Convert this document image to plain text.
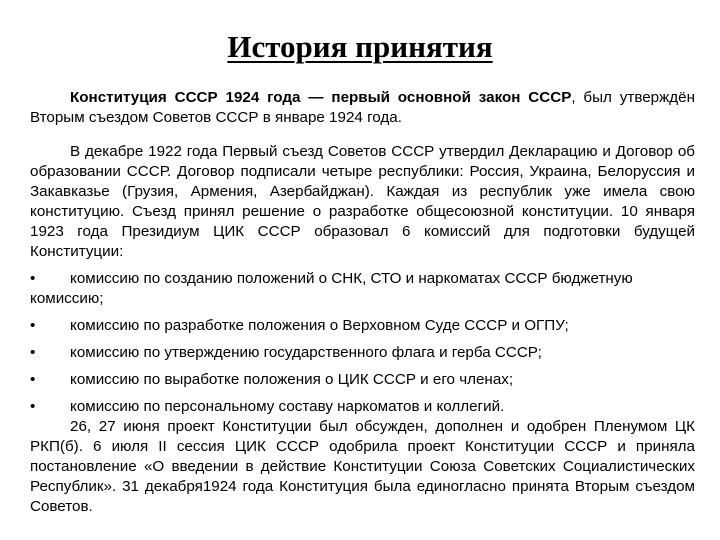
История принятия

Конституция СССР 1924 года — первый основной закон СССР, был утверждён Вторым съездом Советов СССР в январе 1924 года.

В декабре 1922 года Первый съезд Советов СССР утвердил Декларацию и Договор об образовании СССР. Договор подписали четыре республики: Россия, Украина, Белоруссия и Закавказье (Грузия, Армения, Азербайджан). Каждая из республик уже имела свою конституцию. Съезд принял решение о разработке общесоюзной конституции. 10 января 1923 года Президиум ЦИК СССР образовал 6 комиссий для подготовки будущей Конституции:

• комиссию по созданию положений о СНК, СТО и наркоматах СССР бюджетную комиссию;
•	комиссию по разработке положения о Верховном Суде СССР и ОГПУ;
•	комиссию по утверждению государственного флага и герба СССР;
•	комиссию по выработке положения о ЦИК СССР и его членах;
•	комиссию по персональному составу наркоматов и коллегий.

26, 27 июня проект Конституции был обсужден, дополнен и одобрен Пленумом ЦК РКП(б). 6 июля II сессия ЦИК СССР одобрила проект Конституции СССР и приняла постановление «О введении в действие Конституции Союза Советских Социалистических Республик». 31 декабря1924 года Конституция была единогласно принята Вторым съездом Советов.
